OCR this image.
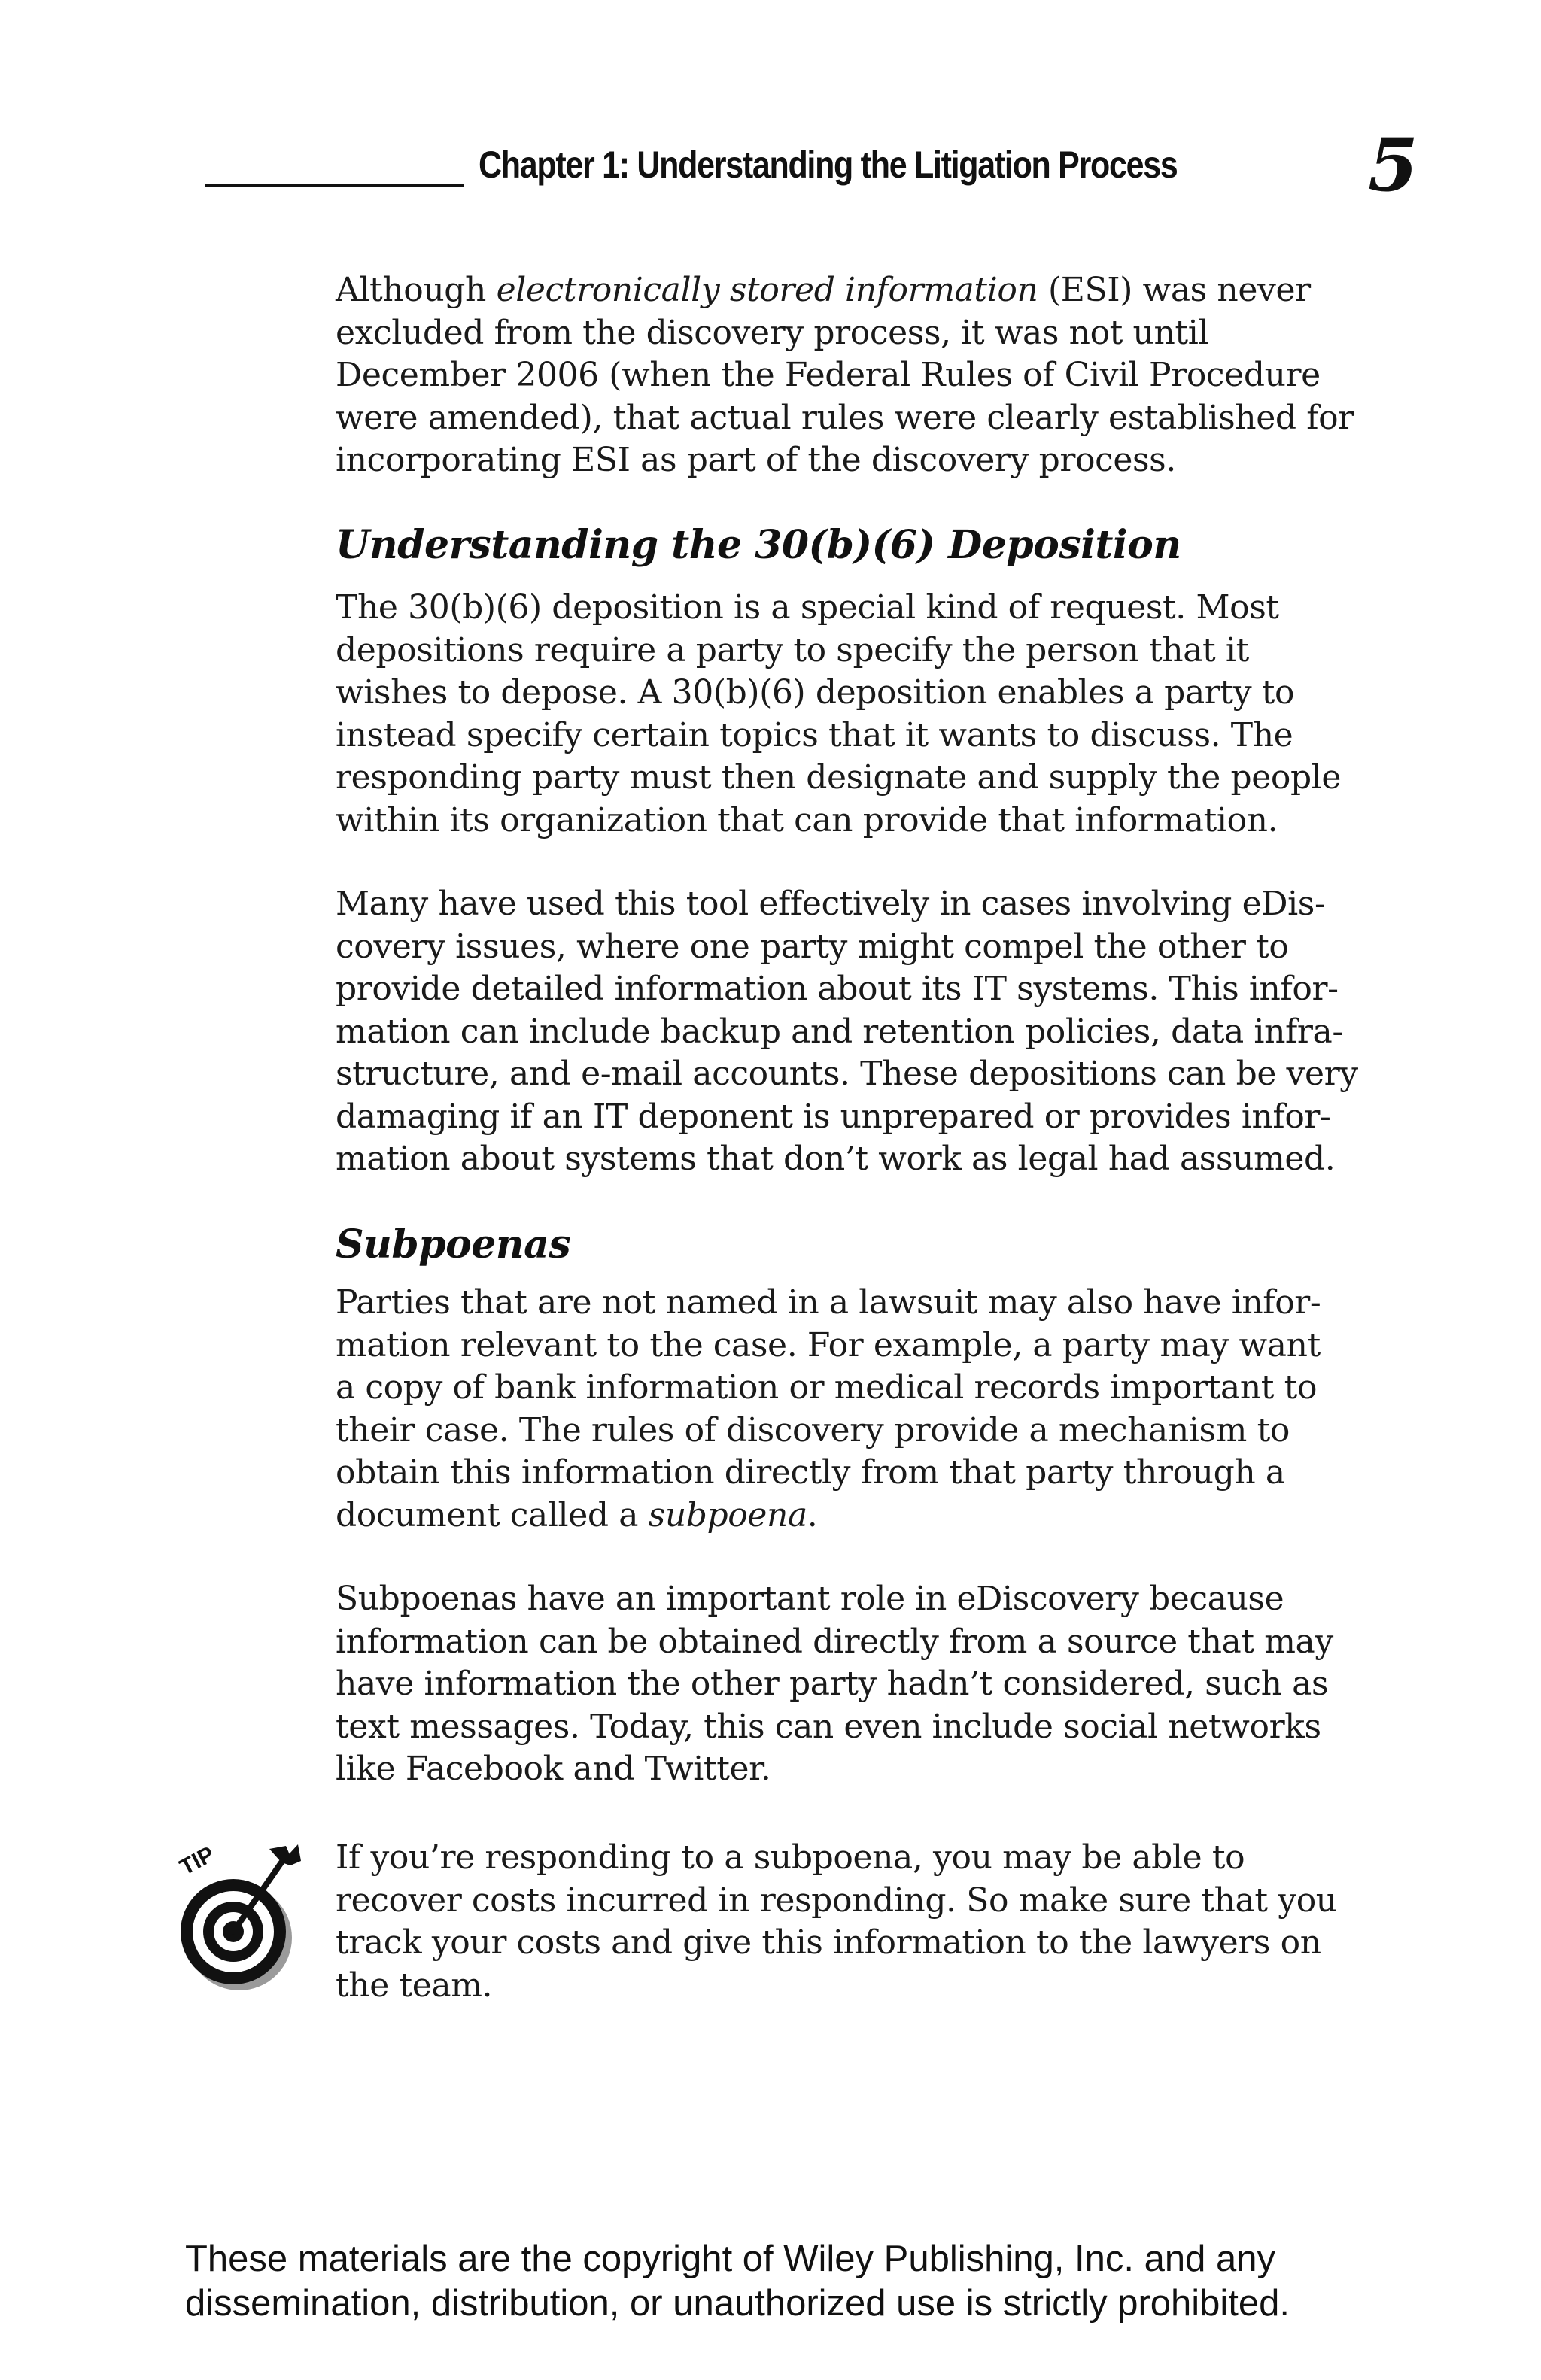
Chapter 1: Understanding the Litigation Process	5

Although electronically stored information (ESI) was never
excluded from the discovery process, it was not until
December 2006 (when the Federal Rules of Civil Procedure
were amended), that actual rules were clearly established for
incorporating ESI as part of the discovery process.

Understanding the 30(b)(6) Deposition

The 30(b)(6) deposition is a special kind of request. Most
depositions require a party to specify the person that it
wishes to depose. A 30(b)(6) deposition enables a party to
instead specify certain topics that it wants to discuss. The
responding party must then designate and supply the people
within its organization that can provide that information.

Many have used this tool effectively in cases involving eDis-
covery issues, where one party might compel the other to
provide detailed information about its IT systems. This infor-
mation can include backup and retention policies, data infra-
structure, and e-mail accounts. These depositions can be very
damaging if an IT deponent is unprepared or provides infor-
mation about systems that don’t work as legal had assumed.

Subpoenas

Parties that are not named in a lawsuit may also have infor-
mation relevant to the case. For example, a party may want
a copy of bank information or medical records important to
their case. The rules of discovery provide a mechanism to
obtain this information directly from that party through a
document called a subpoena.

Subpoenas have an important role in eDiscovery because
information can be obtained directly from a source that may
have information the other party hadn’t considered, such as
text messages. Today, this can even include social networks
like Facebook and Twitter.

TIP	If you’re responding to a subpoena, you may be able to
recover costs incurred in responding. So make sure that you
track your costs and give this information to the lawyers on
the team.

These materials are the copyright of Wiley Publishing, Inc. and any
dissemination, distribution, or unauthorized use is strictly prohibited.
